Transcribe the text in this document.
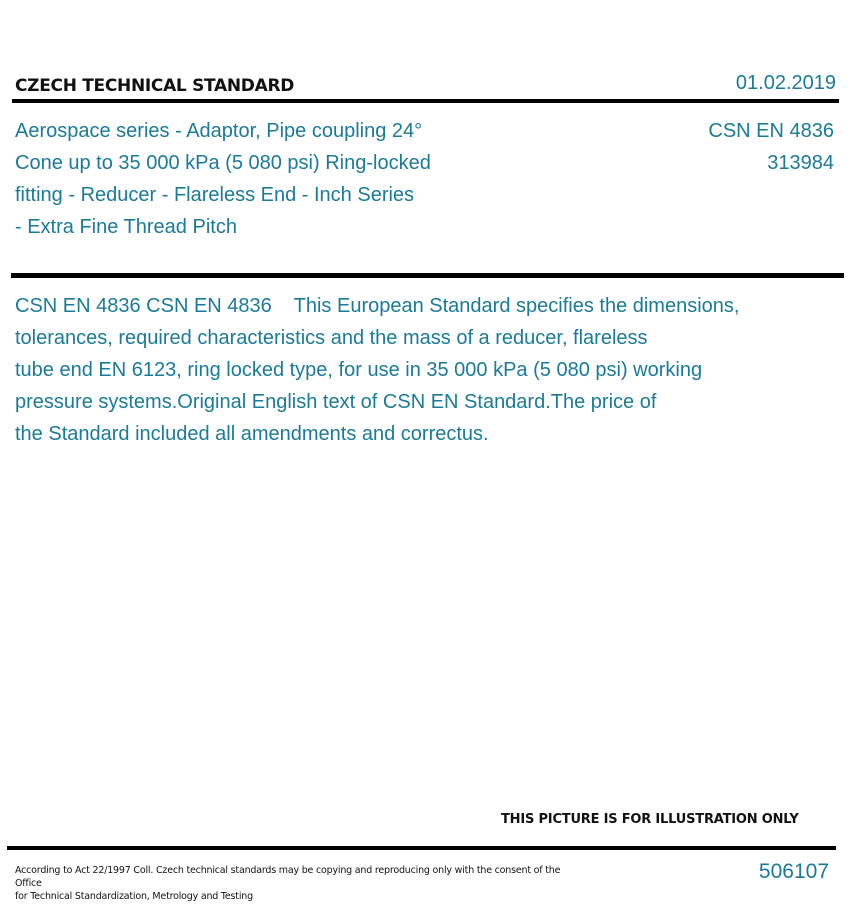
CZECH TECHNICAL STANDARD	01.02.2019
Aerospace series - Adaptor, Pipe coupling 24°
Cone up to 35 000 kPa (5 080 psi) Ring-locked
fitting - Reducer - Flareless End - Inch Series
- Extra Fine Thread Pitch
CSN EN 4836
313984
CSN EN 4836 CSN EN 4836    This European Standard specifies the dimensions,
tolerances, required characteristics and the mass of a reducer, flareless
tube end EN 6123, ring locked type, for use in 35 000 kPa (5 080 psi) working
pressure systems.Original English text of CSN EN Standard.The price of
the Standard included all amendments and correctus.
THIS PICTURE IS FOR ILLUSTRATION ONLY
According to Act 22/1997 Coll. Czech technical standards may be copying and reproducing only with the consent of the Office
for Technical Standardization, Metrology and Testing
506107
